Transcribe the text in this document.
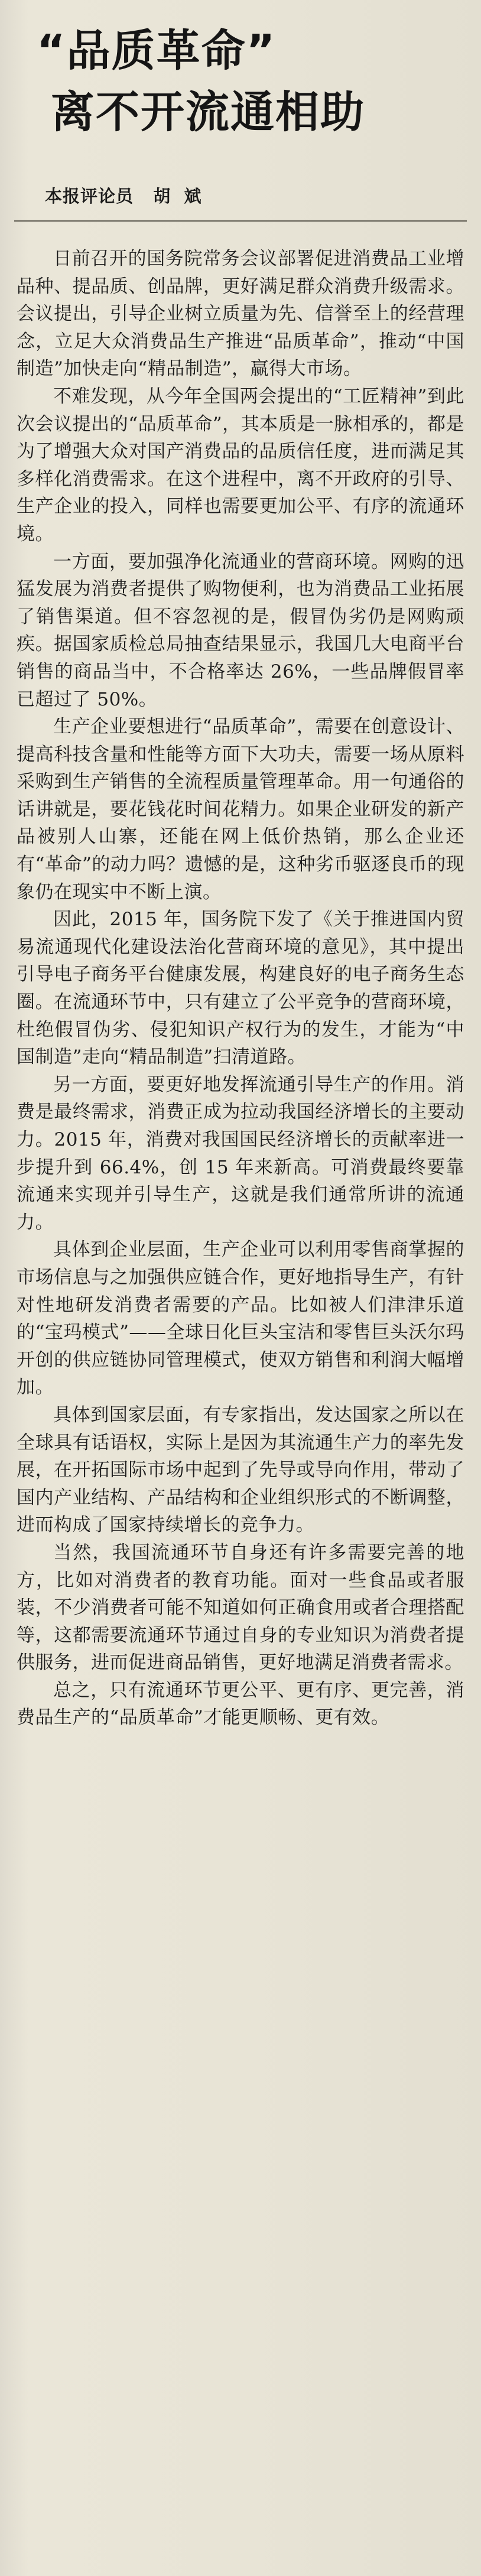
“品质革命”
离不开流通相助
本报评论员   胡  斌

日前召开的国务院常务会议部署促进消费品工业增品种、提品质、创品牌，更好满足群众消费升级需求。会议提出，引导企业树立质量为先、信誉至上的经营理念，立足大众消费品生产推进“品质革命”，推动“中国制造”加快走向“精品制造”，赢得大市场。

不难发现，从今年全国两会提出的“工匠精神”到此次会议提出的“品质革命”，其本质是一脉相承的，都是为了增强大众对国产消费品的品质信任度，进而满足其多样化消费需求。在这个进程中，离不开政府的引导、生产企业的投入，同样也需要更加公平、有序的流通环境。

一方面，要加强净化流通业的营商环境。网购的迅猛发展为消费者提供了购物便利，也为消费品工业拓展了销售渠道。但不容忽视的是，假冒伪劣仍是网购顽疾。据国家质检总局抽查结果显示，我国几大电商平台销售的商品当中，不合格率达 26%，一些品牌假冒率已超过了 50%。

生产企业要想进行“品质革命”，需要在创意设计、提高科技含量和性能等方面下大功夫，需要一场从原料采购到生产销售的全流程质量管理革命。用一句通俗的话讲就是，要花钱花时间花精力。如果企业研发的新产品被别人山寨，还能在网上低价热销，那么企业还有“革命”的动力吗？遗憾的是，这种劣币驱逐良币的现象仍在现实中不断上演。

因此，2015 年，国务院下发了《关于推进国内贸易流通现代化建设法治化营商环境的意见》，其中提出引导电子商务平台健康发展，构建良好的电子商务生态圈。在流通环节中，只有建立了公平竞争的营商环境，杜绝假冒伪劣、侵犯知识产权行为的发生，才能为“中国制造”走向“精品制造”扫清道路。

另一方面，要更好地发挥流通引导生产的作用。消费是最终需求，消费正成为拉动我国经济增长的主要动力。2015 年，消费对我国国民经济增长的贡献率进一步提升到 66.4%，创 15 年来新高。可消费最终要靠流通来实现并引导生产，这就是我们通常所讲的流通力。

具体到企业层面，生产企业可以利用零售商掌握的市场信息与之加强供应链合作，更好地指导生产，有针对性地研发消费者需要的产品。比如被人们津津乐道的“宝玛模式”——全球日化巨头宝洁和零售巨头沃尔玛开创的供应链协同管理模式，使双方销售和利润大幅增加。

具体到国家层面，有专家指出，发达国家之所以在全球具有话语权，实际上是因为其流通生产力的率先发展，在开拓国际市场中起到了先导或导向作用，带动了国内产业结构、产品结构和企业组织形式的不断调整，进而构成了国家持续增长的竞争力。

当然，我国流通环节自身还有许多需要完善的地方，比如对消费者的教育功能。面对一些食品或者服装，不少消费者可能不知道如何正确食用或者合理搭配等，这都需要流通环节通过自身的专业知识为消费者提供服务，进而促进商品销售，更好地满足消费者需求。

总之，只有流通环节更公平、更有序、更完善，消费品生产的“品质革命”才能更顺畅、更有效。
